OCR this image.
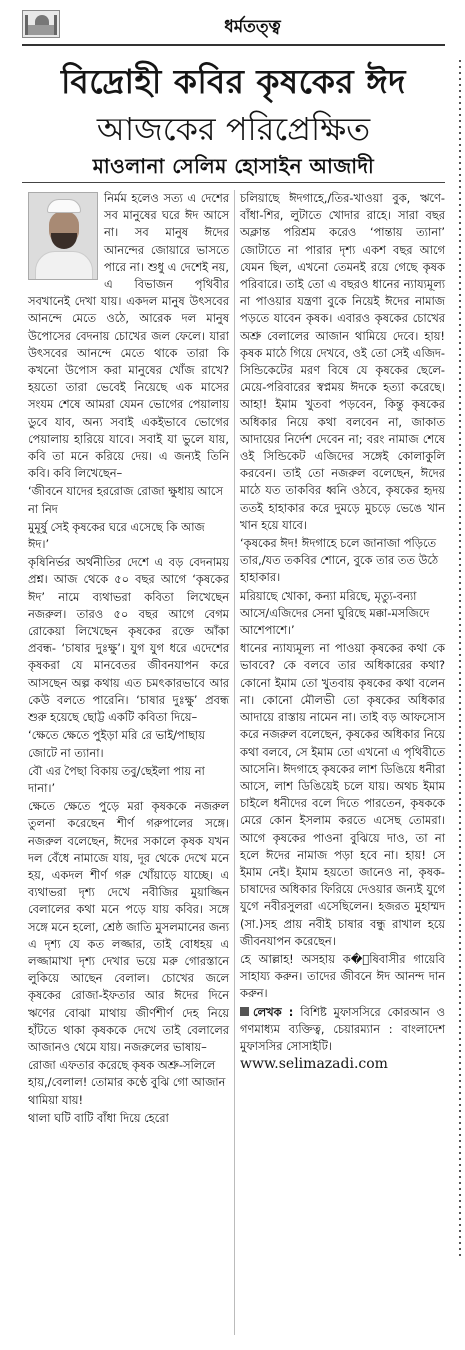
ধর্মতত্ত্ব
বিদ্রোহী কবির কৃষকের ঈদ
আজকের পরিপ্রেক্ষিত
মাওলানা সেলিম হোসাইন আজাদী

নির্মম হলেও সত্য এ দেশের সব মানুষের ঘরে ঈদ আসে না। সব মানুষ ঈদের আনন্দের জোয়ারে ভাসতে পারে না। শুধু এ দেশেই নয়, এ বিভাজন পৃথিবীর সবখানেই দেখা যায়। একদল মানুষ উৎসবের আনন্দে মেতে ওঠে, আরেক দল মানুষ উপোসের বেদনায় চোখের জল ফেলে। যারা উৎসবের আনন্দে মেতে থাকে তারা কি কখনো উপোস করা মানুষের খোঁজ রাখে? হয়তো তারা ভেবেই নিয়েছে এক মাসের সংযম শেষে আমরা যেমন ভোগের পেয়ালায় ডুবে যাব, অন্য সবাই একইভাবে ভোগের পেয়ালায় হারিয়ে যাবে। সবাই যা ভুলে যায়, কবি তা মনে করিয়ে দেয়। এ জন্যই তিনি কবি। কবি লিখেছেন–

‘জীবনে যাদের হররোজ রোজা ক্ষুধায় আসে না নিদ

মুমূর্ষু সেই কৃষকের ঘরে এসেছে কি আজ ঈদ।’

কৃষিনির্ভর অর্থনীতির দেশে এ বড় বেদনাময় প্রশ্ন। আজ থেকে ৫০ বছর আগে ‘কৃষকের ঈদ’ নামে ব্যথাভরা কবিতা লিখেছেন নজরুল। তারও ৫০ বছর আগে বেগম রোকেয়া লিখেছেন কৃষকের রক্তে আঁকা প্রবন্ধ- ‘চাষার দুঃক্ষু’। যুগ যুগ ধরে এদেশের কৃষকরা যে মানবেতর জীবনযাপন করে আসছেন অল্প কথায় এত চমৎকারভাবে আর কেউ বলতে পারেনি। ‘চাষার দুঃক্ষু’ প্রবন্ধ শুরু হয়েছে ছোট্ট একটি কবিতা দিয়ে–

‘ক্ষেতে ক্ষেতে পুইড়া মরি রে ভাই/পাছায় জোটে না ত্যানা।

বৌ এর পৈছা বিকায় তবু/ছেইলা পায় না দানা।’

ক্ষেতে ক্ষেতে পুড়ে মরা কৃষককে নজরুল তুলনা করেছেন শীর্ণ গরুপালের সঙ্গে। নজরুল বলেছেন, ঈদের সকালে কৃষক যখন দল বেঁধে নামাজে যায়, দূর থেকে দেখে মনে হয়, একদল শীর্ণ গরু খোঁয়াড়ে যাচ্ছে। এ ব্যথাভরা দৃশ্য দেখে নবীজির মুয়াজ্জিন বেলালের কথা মনে পড়ে যায় কবির। সঙ্গে সঙ্গে মনে হলো, শ্রেষ্ঠ জাতি মুসলমানের জন্য এ দৃশ্য যে কত লজ্জার, তাই বোধহয় এ লজ্জামাখা দৃশ্য দেখার ভয়ে মরু গোরস্তানে লুকিয়ে আছেন বেলাল। চোখের জলে কৃষকের রোজা-ইফতার আর ঈদের দিনে ঋণের বোঝা মাথায় জীর্ণশীর্ণ দেহ নিয়ে হাঁটতে থাকা কৃষককে দেখে তাই বেলালের আজানও থেমে যায়। নজরুলের ভাষায়–

রোজা এফতার করেছে কৃষক অশ্রু-সলিলে হায়,/বেলাল! তোমার কণ্ঠে বুঝি গো আজান থামিয়া যায়!

থালা ঘটি বাটি বাঁধা দিয়ে হেরো

চলিয়াছে ঈদগাহে,/তির-খাওয়া বুক, ঋণে-বাঁধা-শির, লুটাতে খোদার রাহে। সারা বছর অক্লান্ত পরিশ্রম করেও ‘পান্তায় ত্যানা’ জোটাতে না পারার দৃশ্য একশ বছর আগে যেমন ছিল, এখনো তেমনই রয়ে গেছে কৃষক পরিবারে। তাই তো এ বছরও ধানের ন্যায্যমূল্য না পাওয়ার যন্ত্রণা বুকে নিয়েই ঈদের নামাজ পড়তে যাবেন কৃষক। এবারও কৃষকের চোখের অশ্রু বেলালের আজান থামিয়ে দেবে। হায়! কৃষক মাঠে গিয়ে দেখবে, ওই তো সেই এজিদ- সিন্ডিকেটের মরণ বিষে যে কৃষকের ছেলে-মেয়ে-পরিবারের স্বপ্নময় ঈদকে হত্যা করেছে। আহা! ইমাম খুতবা পড়বেন, কিন্তু কৃষকের অধিকার নিয়ে কথা বলবেন না, জাকাত আদায়ের নির্দেশ দেবেন না; বরং নামাজ শেষে ওই সিন্ডিকেট এজিদের সঙ্গেই কোলাকুলি করবেন। তাই তো নজরুল বলেছেন, ঈদের মাঠে যত তাকবির ধ্বনি ওঠবে, কৃষকের হৃদয় ততই হাহাকার করে দুমড়ে মুচড়ে ভেঙে খান খান হয়ে যাবে।

‘কৃষকের ঈদ! ঈদগাহে চলে জানাজা পড়িতে তার,/যত তকবির শোনে, বুকে তার তত উঠে হাহাকার।

মরিয়াছে খোকা, কন্যা মরিছে, মৃত্যু-বন্যা আসে/এজিদের সেনা ঘুরিছে মক্কা-মসজিদে আশেপাশে।’

ধানের ন্যায্যমূল্য না পাওয়া কৃষকের কথা কে ভাববে? কে বলবে তার অধিকারের কথা? কোনো ইমাম তো খুতবায় কৃষকের কথা বলেন না। কোনো মৌলভী তো কৃষকের অধিকার আদায়ে রাস্তায় নামেন না। তাই বড় আফসোস করে নজরুল বলেছেন, কৃষকের অধিকার নিয়ে কথা বলবে, সে ইমাম তো এখনো এ পৃথিবীতে আসেনি। ঈদগাহে কৃষকের লাশ ডিঙিয়ে ধনীরা আসে, লাশ ডিঙিয়েই চলে যায়। অথচ ইমাম চাইলে ধনীদের বলে দিতে পারতেন, কৃষককে মেরে কোন ইসলাম করতে এসেছ তোমরা। আগে কৃষকের পাওনা বুঝিয়ে দাও, তা না হলে ঈদের নামাজ পড়া হবে না। হায়! সে ইমাম নেই। ইমাম হয়তো জানেও না, কৃষক-চাষাদের অধিকার ফিরিয়ে দেওয়ার জন্যই যুগে যুগে নবীরসুলরা এসেছিলেন। হজরত মুহাম্মদ (সা.)সহ প্রায় নবীই চাষার বন্ধু রাখাল হয়ে জীবনযাপন করেছেন।

হে আল্লাহ! অসহায় ক�ৃষিবাসীর গায়েবি সাহায্য করুন। তাদের জীবনে ঈদ আনন্দ দান করুন।

লেখক : বিশিষ্ট মুফাসসিরে কোরআন ও গণমাধ্যম ব্যক্তিত্ব, চেয়ারম্যান : বাংলাদেশ মুফাসসির সোসাইটি।

www.selimazadi.com
